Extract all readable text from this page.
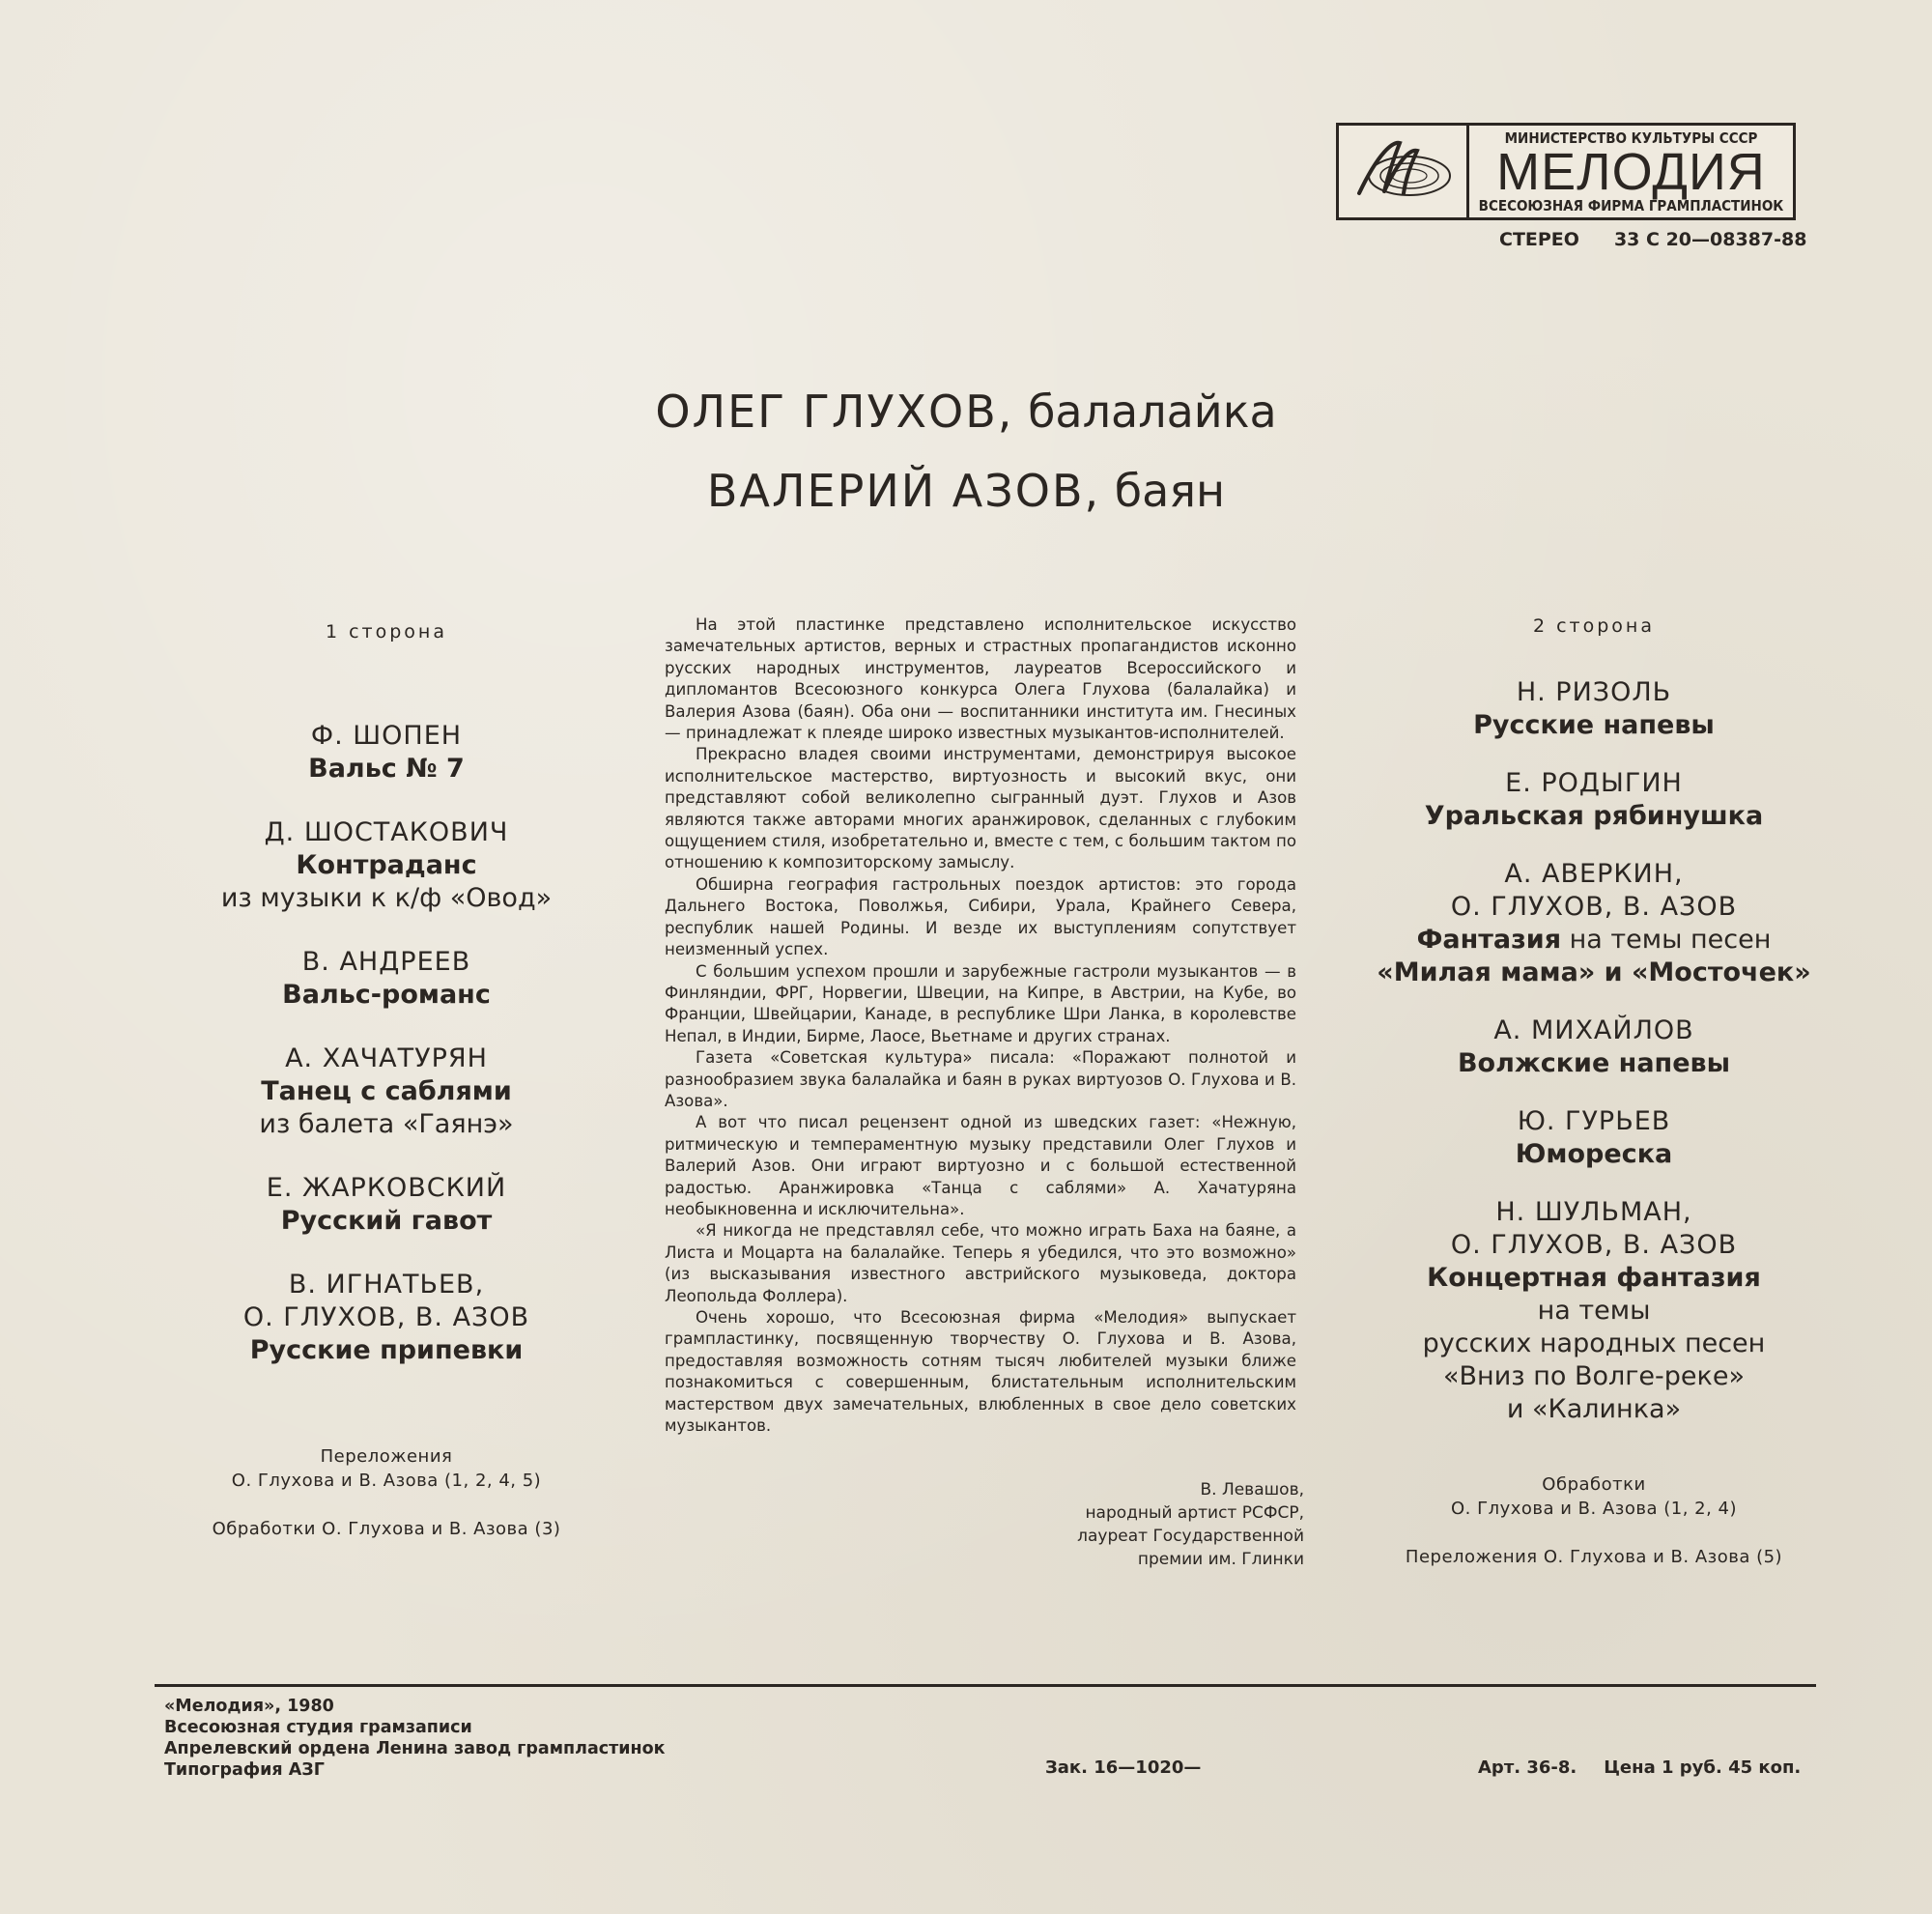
МИНИСТЕРСТВО КУЛЬТУРЫ СССР
МЕЛОДИЯ
ВСЕСОЮЗНАЯ ФИРМА ГРАМПЛАСТИНОК
СТЕРЕО 33 С 20—08387-88
ОЛЕГ ГЛУХОВ, балалайка
ВАЛЕРИЙ АЗОВ, баян
1 сторона
Ф. ШОПЕН
Вальс № 7
Д. ШОСТАКОВИЧ
Контраданс
из музыки к к/ф «Овод»
В. АНДРЕЕВ
Вальс-романс
А. ХАЧАТУРЯН
Танец с саблями
из балета «Гаянэ»
Е. ЖАРКОВСКИЙ
Русский гавот
В. ИГНАТЬЕВ,
О. ГЛУХОВ, В. АЗОВ
Русские припевки
Переложения
О. Глухова и В. Азова (1, 2, 4, 5)
Обработки О. Глухова и В. Азова (3)

На этой пластинке представлено исполнительское искусство замечательных артистов, верных и страстных пропагандистов исконно русских народных инструментов, лауреатов Всероссийского и дипломантов Всесоюзного конкурса Олега Глухова (балалайка) и Валерия Азова (баян). Оба они — воспитанники института им. Гнесиных — принадлежат к плеяде широко известных музыкантов-исполнителей.

Прекрасно владея своими инструментами, демонстрируя высокое исполнительское мастерство, виртуозность и высокий вкус, они представляют собой великолепно сыгранный дуэт. Глухов и Азов являются также авторами многих аранжировок, сделанных с глубоким ощущением стиля, изобретательно и, вместе с тем, с большим тактом по отношению к композиторскому замыслу.

Обширна география гастрольных поездок артистов: это города Дальнего Востока, Поволжья, Сибири, Урала, Крайнего Севера, республик нашей Родины. И везде их выступлениям сопутствует неизменный успех.

С большим успехом прошли и зарубежные гастроли музыкантов — в Финляндии, ФРГ, Норвегии, Швеции, на Кипре, в Австрии, на Кубе, во Франции, Швейцарии, Канаде, в республике Шри Ланка, в королевстве Непал, в Индии, Бирме, Лаосе, Вьетнаме и других странах.

Газета «Советская культура» писала: «Поражают полнотой и разнообразием звука балалайка и баян в руках виртуозов О. Глухова и В. Азова».

А вот что писал рецензент одной из шведских газет: «Нежную, ритмическую и темпераментную музыку представили Олег Глухов и Валерий Азов. Они играют виртуозно и с большой естественной радостью. Аранжировка «Танца с саблями» А. Хачатуряна необыкновенна и исключительна».

«Я никогда не представлял себе, что можно играть Баха на баяне, а Листа и Моцарта на балалайке. Теперь я убедился, что это возможно» (из высказывания известного австрийского музыковеда, доктора Леопольда Фоллера).

Очень хорошо, что Всесоюзная фирма «Мелодия» выпускает грампластинку, посвященную творчеству О. Глухова и В. Азова, предоставляя возможность сотням тысяч любителей музыки ближе познакомиться с совершенным, блистательным исполнительским мастерством двух замечательных, влюбленных в свое дело советских музыкантов.

В. Левашов,
народный артист РСФСР,
лауреат Государственной
премии им. Глинки
2 сторона
Н. РИЗОЛЬ
Русские напевы
Е. РОДЫГИН
Уральская рябинушка
А. АВЕРКИН,
О. ГЛУХОВ, В. АЗОВ
Фантазия на темы песен
«Милая мама» и «Мосточек»
А. МИХАЙЛОВ
Волжские напевы
Ю. ГУРЬЕВ
Юмореска
Н. ШУЛЬМАН,
О. ГЛУХОВ, В. АЗОВ
Концертная фантазия
на темы
русских народных песен
«Вниз по Волге-реке»
и «Калинка»
Обработки
О. Глухова и В. Азова (1, 2, 4)
Переложения О. Глухова и В. Азова (5)
«Мелодия», 1980
Всесоюзная студия грамзаписи
Апрелевский ордена Ленина завод грампластинок
Типография АЗГ	Зак. 16—1020—	Арт. 36-8. Цена 1 руб. 45 коп.
